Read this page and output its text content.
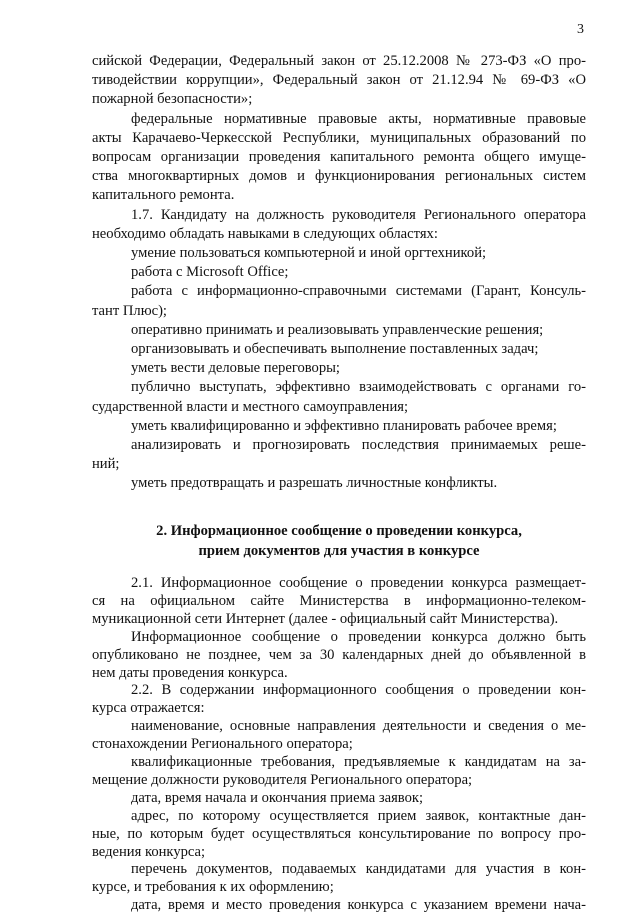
3
сийской Федерации, Федеральный закон от 25.12.2008 № 273-ФЗ «О про-
тиводействии коррупции», Федеральный закон от 21.12.94 № 69-ФЗ «О
пожарной безопасности»;
федеральные нормативные правовые акты, нормативные правовые
акты Карачаево-Черкесской Республики, муниципальных образований по
вопросам организации проведения капитального ремонта общего имуще-
ства многоквартирных домов и функционирования региональных систем
капитального ремонта.
1.7. Кандидату на должность руководителя Регионального оператора
необходимо обладать навыками в следующих областях:
умение пользоваться компьютерной и иной оргтехникой;
работа с Microsoft Office;
работа с информационно-справочными системами (Гарант, Консуль-
тант Плюс);
оперативно принимать и реализовывать управленческие решения;
организовывать и обеспечивать выполнение поставленных задач;
уметь вести деловые переговоры;
публично выступать, эффективно взаимодействовать с органами го-
сударственной власти и местного самоуправления;
уметь квалифицированно и эффективно планировать рабочее время;
анализировать и прогнозировать последствия принимаемых реше-
ний;
уметь предотвращать и разрешать личностные конфликты.
2. Информационное сообщение о проведении конкурса,
прием документов для участия в конкурсе
2.1. Информационное сообщение о проведении конкурса размещает-
ся на официальном сайте Министерства в информационно-телеком-
муникационной сети Интернет (далее - официальный сайт Министерства).
Информационное сообщение о проведении конкурса должно быть
опубликовано не позднее, чем за 30 календарных дней до объявленной в
нем даты проведения конкурса.
2.2. В содержании информационного сообщения о проведении кон-
курса отражается:
наименование, основные направления деятельности и сведения о ме-
стонахождении Регионального оператора;
квалификационные требования, предъявляемые к кандидатам на за-
мещение должности руководителя Регионального оператора;
дата, время начала и окончания приема заявок;
адрес, по которому осуществляется прием заявок, контактные дан-
ные, по которым будет осуществляться консультирование по вопросу про-
ведения конкурса;
перечень документов, подаваемых кандидатами для участия в кон-
курсе, и требования к их оформлению;
дата, время и место проведения конкурса с указанием времени нача-
